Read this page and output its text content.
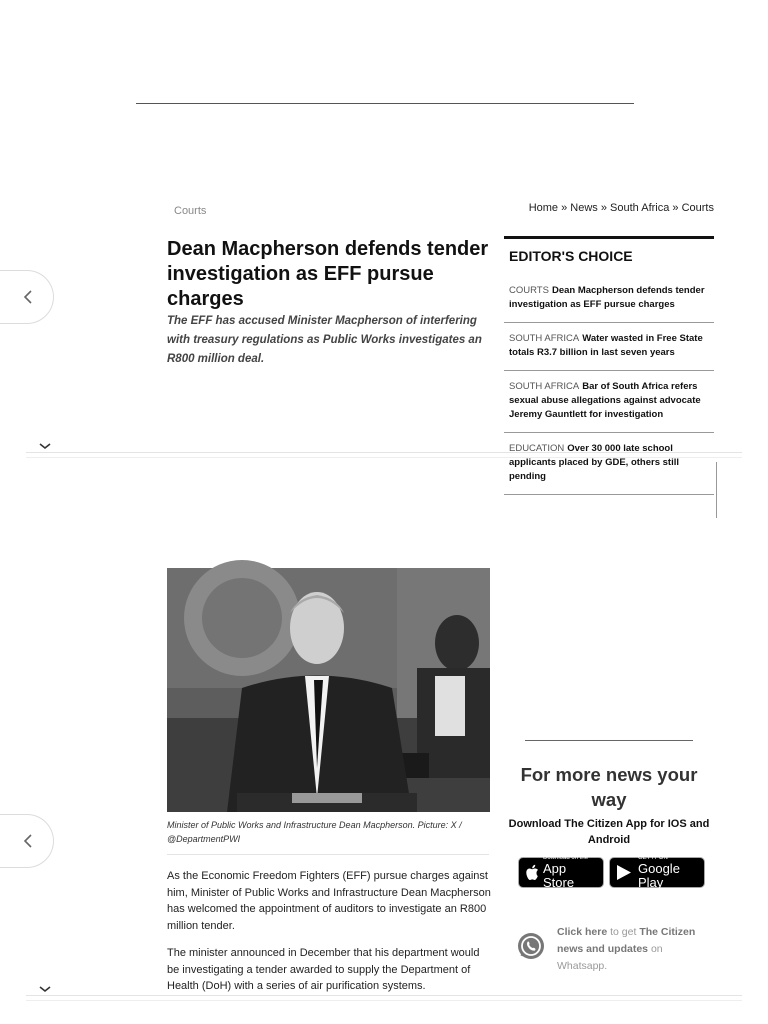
Courts	Home » News » South Africa » Courts
Dean Macpherson defends tender investigation as EFF pursue charges

The EFF has accused Minister Macpherson of interfering with treasury regulations as Public Works investigates an R800 million deal.

EDITOR'S CHOICE
COURTS Dean Macpherson defends tender investigation as EFF pursue charges
SOUTH AFRICA Water wasted in Free State totals R3.7 billion in last seven years
SOUTH AFRICA Bar of South Africa refers sexual abuse allegations against advocate Jeremy Gauntlett for investigation
EDUCATION Over 30 000 late school applicants placed by GDE, others still pending
Minister of Public Works and Infrastructure Dean Macpherson. Picture: X / @DepartmentPWI

As the Economic Freedom Fighters (EFF) pursue charges against him, Minister of Public Works and Infrastructure Dean Macpherson has welcomed the appointment of auditors to investigate an R800 million tender.

The minister announced in December that his department would be investigating a tender awarded to supply the Department of Health (DoH) with a series of air purification systems.

For more news your way
Download The Citizen App for IOS and Android
Download on the
App Store
GET IT ON
Google Play
Click here to get The Citizen news and updates on Whatsapp.
